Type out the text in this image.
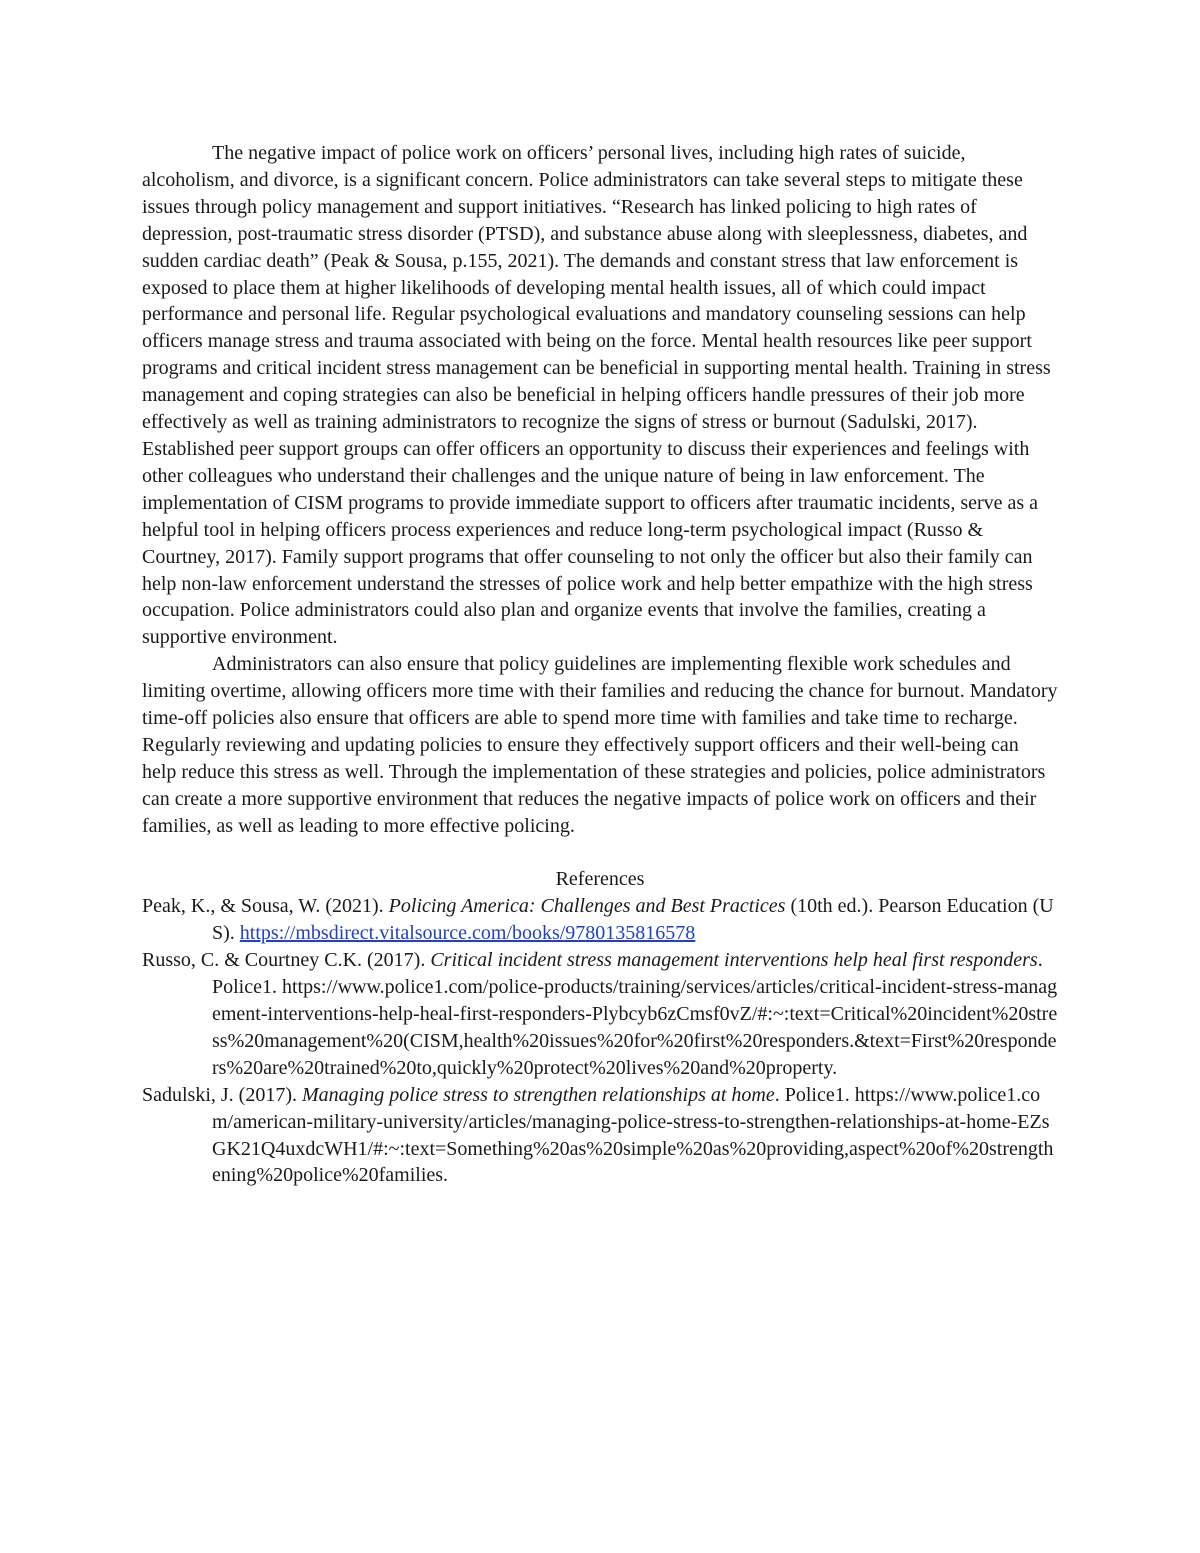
The negative impact of police work on officers’ personal lives, including high rates of suicide, alcoholism, and divorce, is a significant concern. Police administrators can take several steps to mitigate these issues through policy management and support initiatives. “Research has linked policing to high rates of depression, post-traumatic stress disorder (PTSD), and substance abuse along with sleeplessness, diabetes, and sudden cardiac death” (Peak & Sousa, p.155, 2021). The demands and constant stress that law enforcement is exposed to place them at higher likelihoods of developing mental health issues, all of which could impact performance and personal life. Regular psychological evaluations and mandatory counseling sessions can help officers manage stress and trauma associated with being on the force. Mental health resources like peer support programs and critical incident stress management can be beneficial in supporting mental health. Training in stress management and coping strategies can also be beneficial in helping officers handle pressures of their job more effectively as well as training administrators to recognize the signs of stress or burnout (Sadulski, 2017). Established peer support groups can offer officers an opportunity to discuss their experiences and feelings with other colleagues who understand their challenges and the unique nature of being in law enforcement. The implementation of CISM programs to provide immediate support to officers after traumatic incidents, serve as a helpful tool in helping officers process experiences and reduce long-term psychological impact (Russo & Courtney, 2017). Family support programs that offer counseling to not only the officer but also their family can help non-law enforcement understand the stresses of police work and help better empathize with the high stress occupation. Police administrators could also plan and organize events that involve the families, creating a supportive environment.

Administrators can also ensure that policy guidelines are implementing flexible work schedules and limiting overtime, allowing officers more time with their families and reducing the chance for burnout. Mandatory time-off policies also ensure that officers are able to spend more time with families and take time to recharge. Regularly reviewing and updating policies to ensure they effectively support officers and their well-being can help reduce this stress as well. Through the implementation of these strategies and policies, police administrators can create a more supportive environment that reduces the negative impacts of police work on officers and their families, as well as leading to more effective policing.

References

Peak, K., & Sousa, W. (2021). Policing America: Challenges and Best Practices (10th ed.). Pearson Education (US). https://mbsdirect.vitalsource.com/books/9780135816578

Russo, C. & Courtney C.K. (2017). Critical incident stress management interventions help heal first responders. Police1. https://www.police1.com/police-products/training/services/articles/critical-incident-stress-management-interventions-help-heal-first-responders-Plybcyb6zCmsf0vZ/#:~:text=Critical%20incident%20stress%20management%20(CISM,health%20issues%20for%20first%20responders.&text=First%20responders%20are%20trained%20to,quickly%20protect%20lives%20and%20property.

Sadulski, J. (2017). Managing police stress to strengthen relationships at home. Police1. https://www.police1.com/american-military-university/articles/managing-police-stress-to-strengthen-relationships-at-home-EZsGK21Q4uxdcWH1/#:~:text=Something%20as%20simple%20as%20providing,aspect%20of%20strengthening%20police%20families.
